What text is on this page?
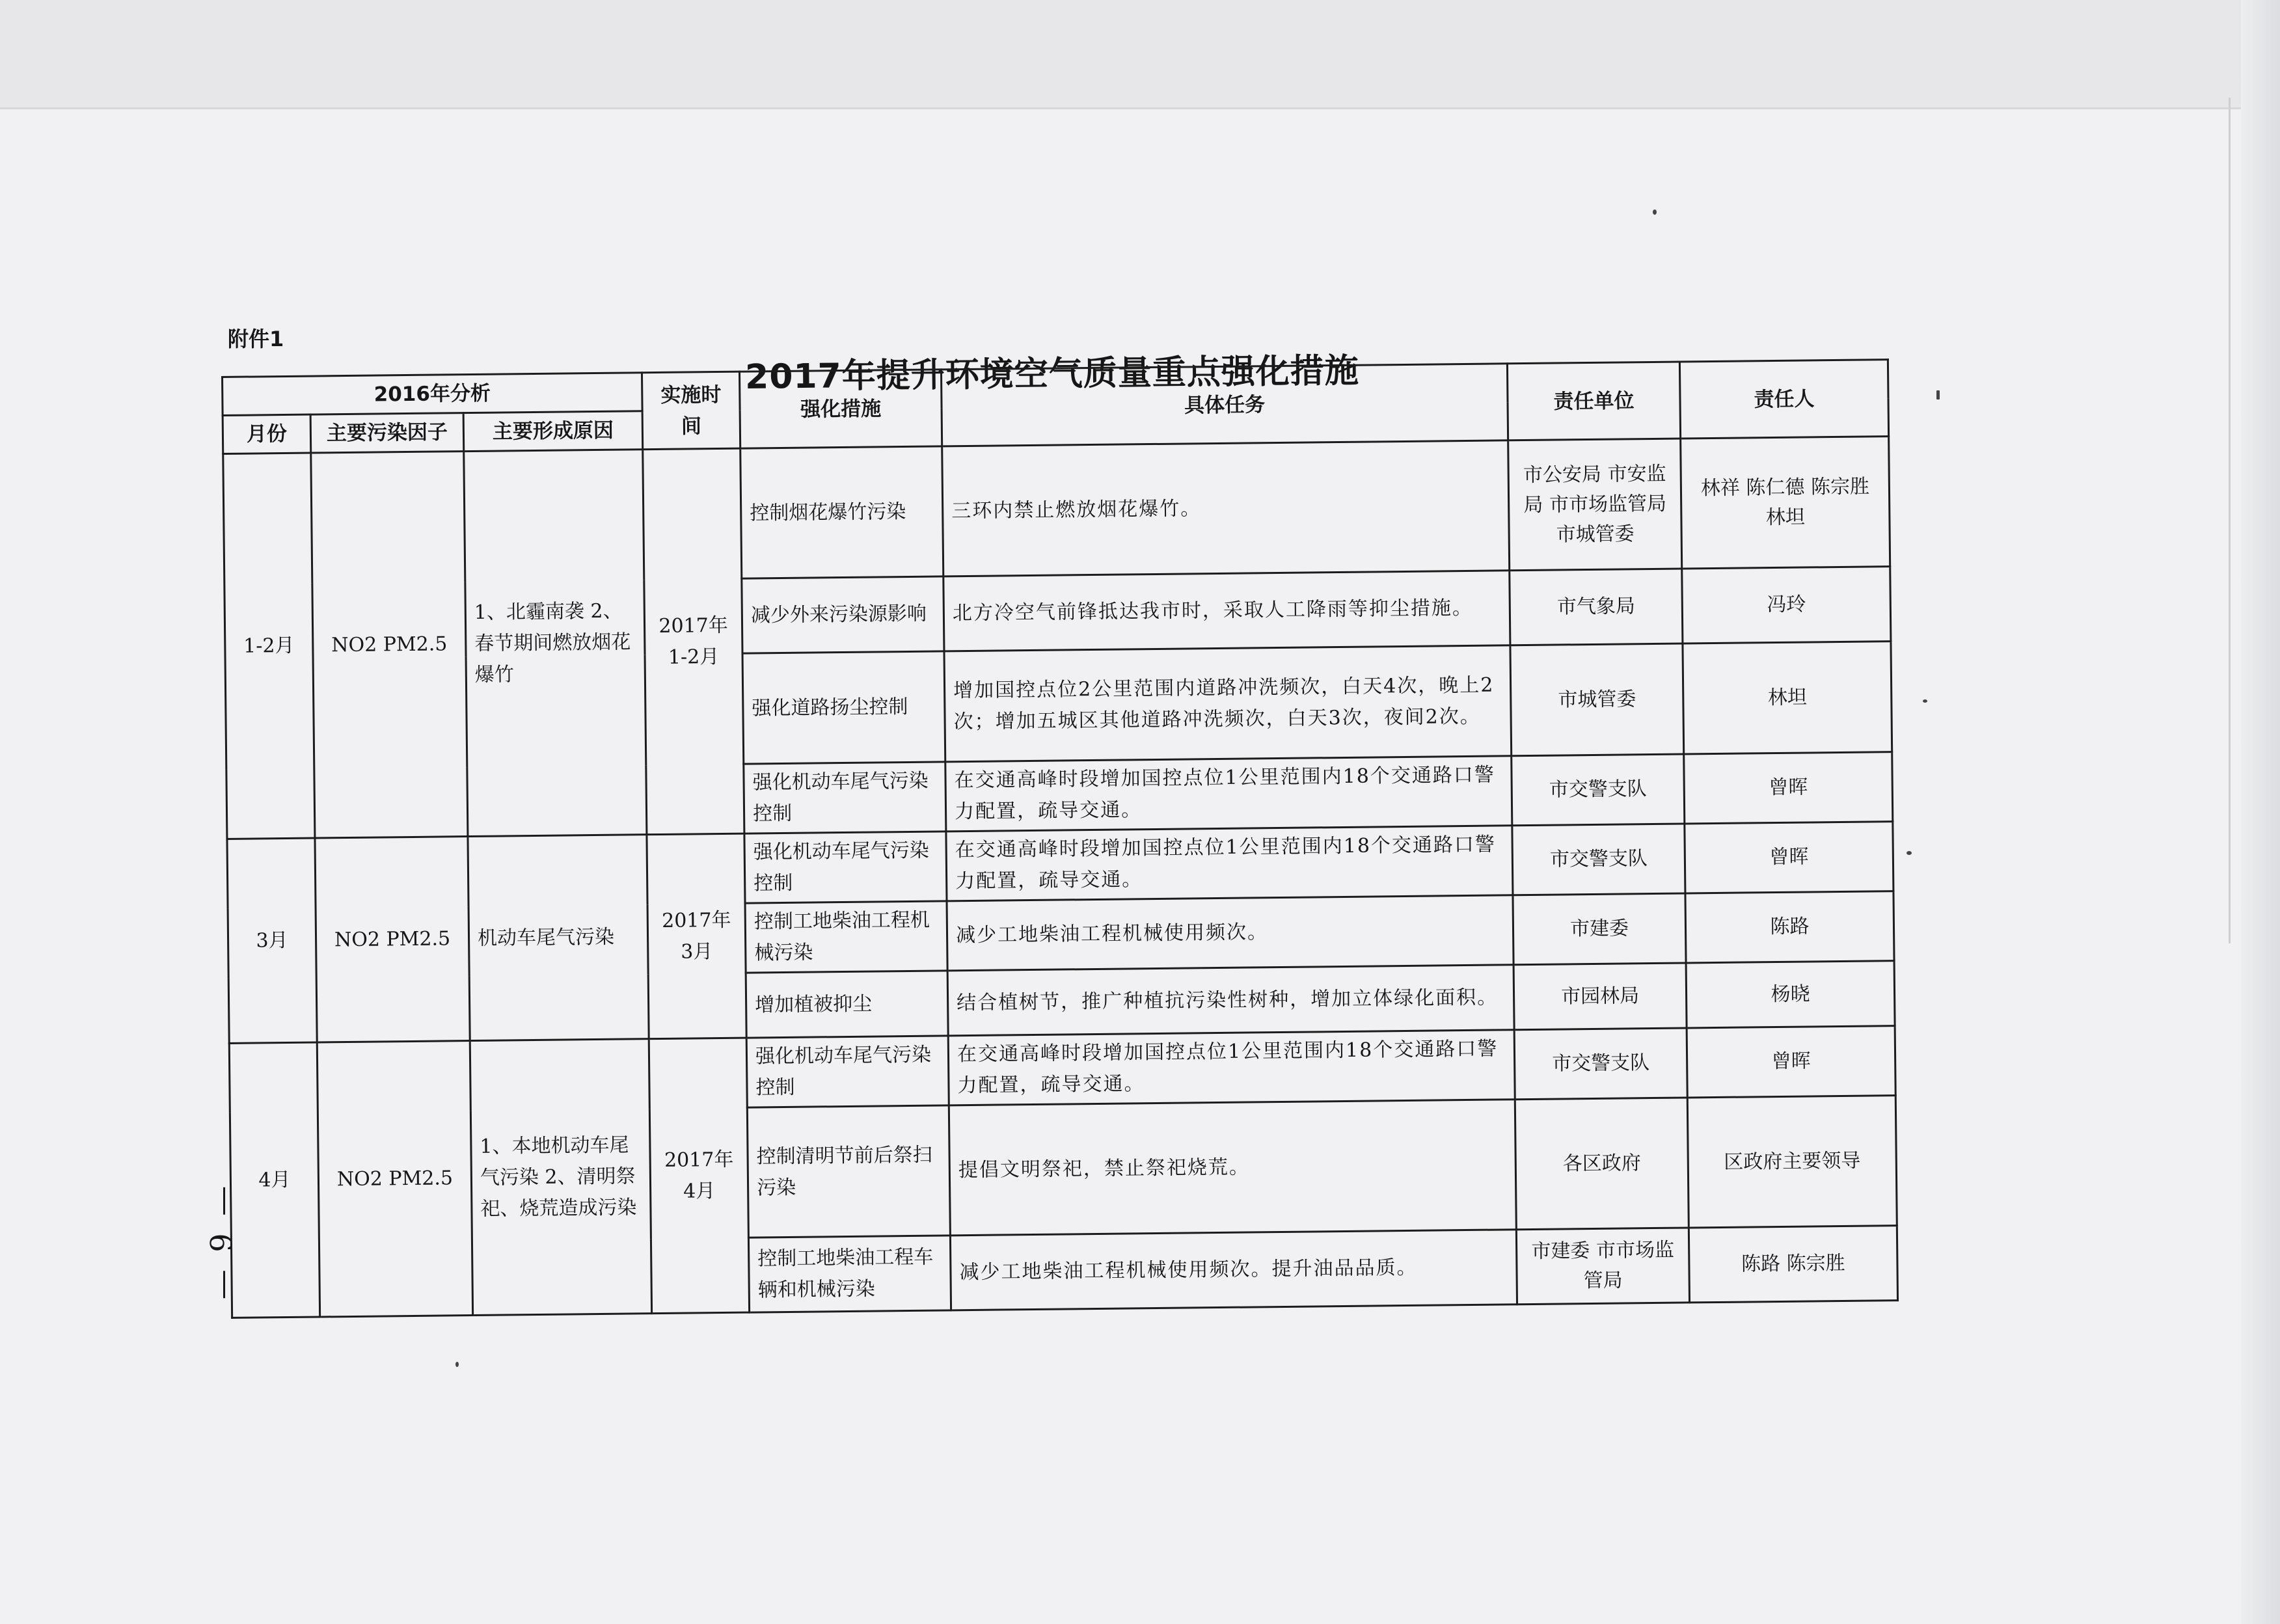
附件1
2017年提升环境空气质量重点强化措施
— 9 —
2016年分析			实施时间	强化措施	具体任务	责任单位	责任人
月份	主要污染因子	主要形成原因					
1-2月	NO2 PM2.5	1、北霾南袭 2、春节期间燃放烟花爆竹	2017年 1-2月	控制烟花爆竹污染	三环内禁止燃放烟花爆竹。	市公安局 市安监局 市市场监管局 市城管委	林祥 陈仁德 陈宗胜 林坦
				减少外来污染源影响	北方冷空气前锋抵达我市时，采取人工降雨等抑尘措施。	市气象局	冯玲
				强化道路扬尘控制	增加国控点位2公里范围内道路冲洗频次，白天4次，晚上2次；增加五城区其他道路冲洗频次，白天3次，夜间2次。	市城管委	林坦
				强化机动车尾气污染控制	在交通高峰时段增加国控点位1公里范围内18个交通路口警力配置，疏导交通。	市交警支队	曾晖
3月	NO2 PM2.5	机动车尾气污染	2017年 3月	强化机动车尾气污染控制	在交通高峰时段增加国控点位1公里范围内18个交通路口警力配置，疏导交通。	市交警支队	曾晖
				控制工地柴油工程机械污染	减少工地柴油工程机械使用频次。	市建委	陈路
				增加植被抑尘	结合植树节，推广种植抗污染性树种，增加立体绿化面积。	市园林局	杨晓
4月	NO2 PM2.5	1、本地机动车尾气污染 2、清明祭祀、烧荒造成污染	2017年 4月	强化机动车尾气污染控制	在交通高峰时段增加国控点位1公里范围内18个交通路口警力配置，疏导交通。	市交警支队	曾晖
				控制清明节前后祭扫污染	提倡文明祭祀，禁止祭祀烧荒。	各区政府	区政府主要领导
				控制工地柴油工程车辆和机械污染	减少工地柴油工程机械使用频次。提升油品品质。	市建委 市市场监管局	陈路 陈宗胜
